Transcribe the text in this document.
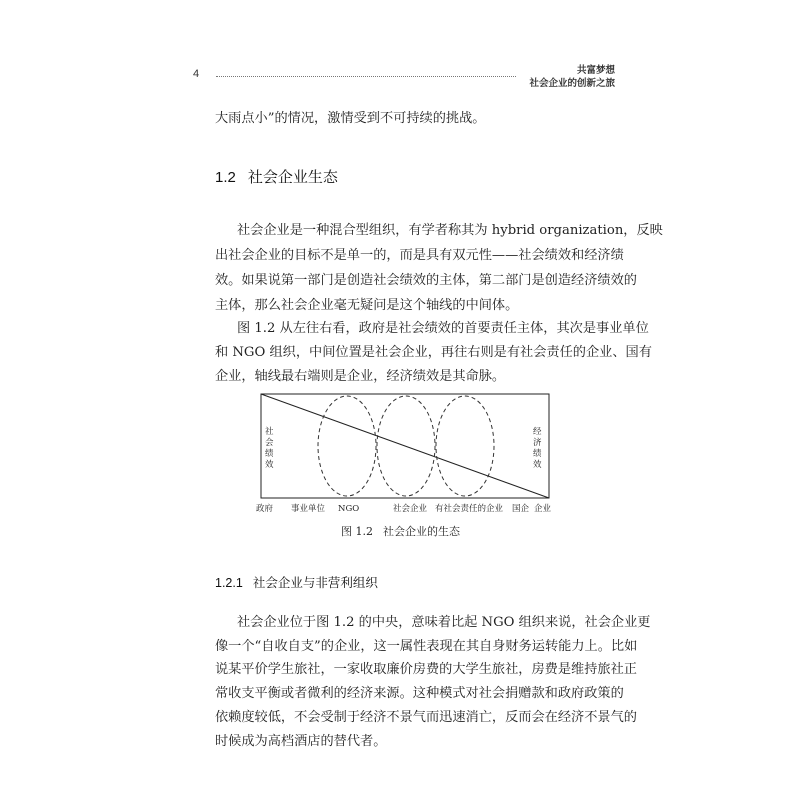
4	共富梦想
社会企业的创新之旅
大雨点小”的情况，激情受到不可持续的挑战。
1.2 社会企业生态
社会企业是一种混合型组织，有学者称其为 hybrid organization，反映
出社会企业的目标不是单一的，而是具有双元性——社会绩效和经济绩
效。如果说第一部门是创造社会绩效的主体，第二部门是创造经济绩效的
主体，那么社会企业毫无疑问是这个轴线的中间体。
图 1.2 从左往右看，政府是社会绩效的首要责任主体，其次是事业单位
和 NGO 组织，中间位置是社会企业，再往右则是有社会责任的企业、国有
企业，轴线最右端则是企业，经济绩效是其命脉。
社
会
绩
效
经
济
绩
效
政府 事业单位 NGO	社会企业 有社会责任的企业 国企 企业
图 1.2 社会企业的生态
1.2.1 社会企业与非营利组织
社会企业位于图 1.2 的中央，意味着比起 NGO 组织来说，社会企业更
像一个“自收自支”的企业，这一属性表现在其自身财务运转能力上。比如
说某平价学生旅社，一家收取廉价房费的大学生旅社，房费是维持旅社正
常收支平衡或者微利的经济来源。这种模式对社会捐赠款和政府政策的
依赖度较低，不会受制于经济不景气而迅速消亡，反而会在经济不景气的
时候成为高档酒店的替代者。
